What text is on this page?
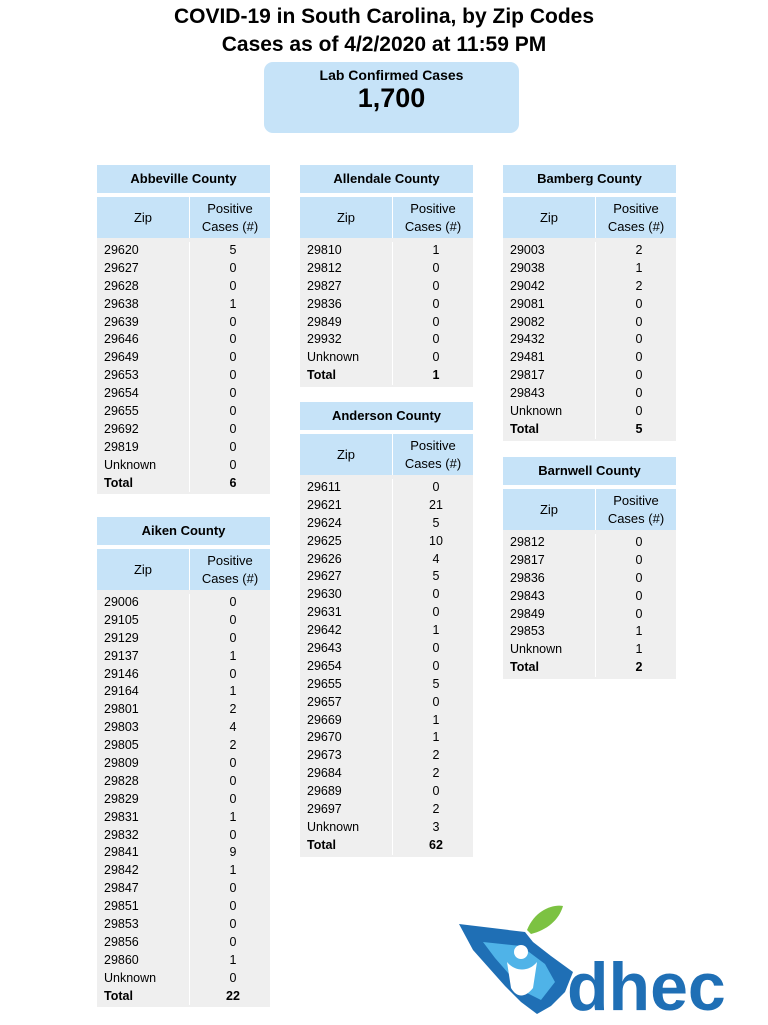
COVID-19 in South Carolina, by Zip Codes
Cases as of 4/2/2020 at 11:59 PM
Lab Confirmed Cases
1,700
Abbeville County
Zip
Positive Cases (#)
29620	5
29627	0
29628	0
29638	1
29639	0
29646	0
29649	0
29653	0
29654	0
29655	0
29692	0
29819	0
Unknown	0
Total	6
Aiken County
Zip
Positive Cases (#)
29006	0
29105	0
29129	0
29137	1
29146	0
29164	1
29801	2
29803	4
29805	2
29809	0
29828	0
29829	0
29831	1
29832	0
29841	9
29842	1
29847	0
29851	0
29853	0
29856	0
29860	1
Unknown	0
Total	22
Allendale County
Zip
Positive Cases (#)
29810	1
29812	0
29827	0
29836	0
29849	0
29932	0
Unknown	0
Total	1
Anderson County
Zip
Positive Cases (#)
29611	0
29621	21
29624	5
29625	10
29626	4
29627	5
29630	0
29631	0
29642	1
29643	0
29654	0
29655	5
29657	0
29669	1
29670	1
29673	2
29684	2
29689	0
29697	2
Unknown	3
Total	62
Bamberg County
Zip
Positive Cases (#)
29003	2
29038	1
29042	2
29081	0
29082	0
29432	0
29481	0
29817	0
29843	0
Unknown	0
Total	5
Barnwell County
Zip
Positive Cases (#)
29812	0
29817	0
29836	0
29843	0
29849	0
29853	1
Unknown	1
Total	2
dhec
